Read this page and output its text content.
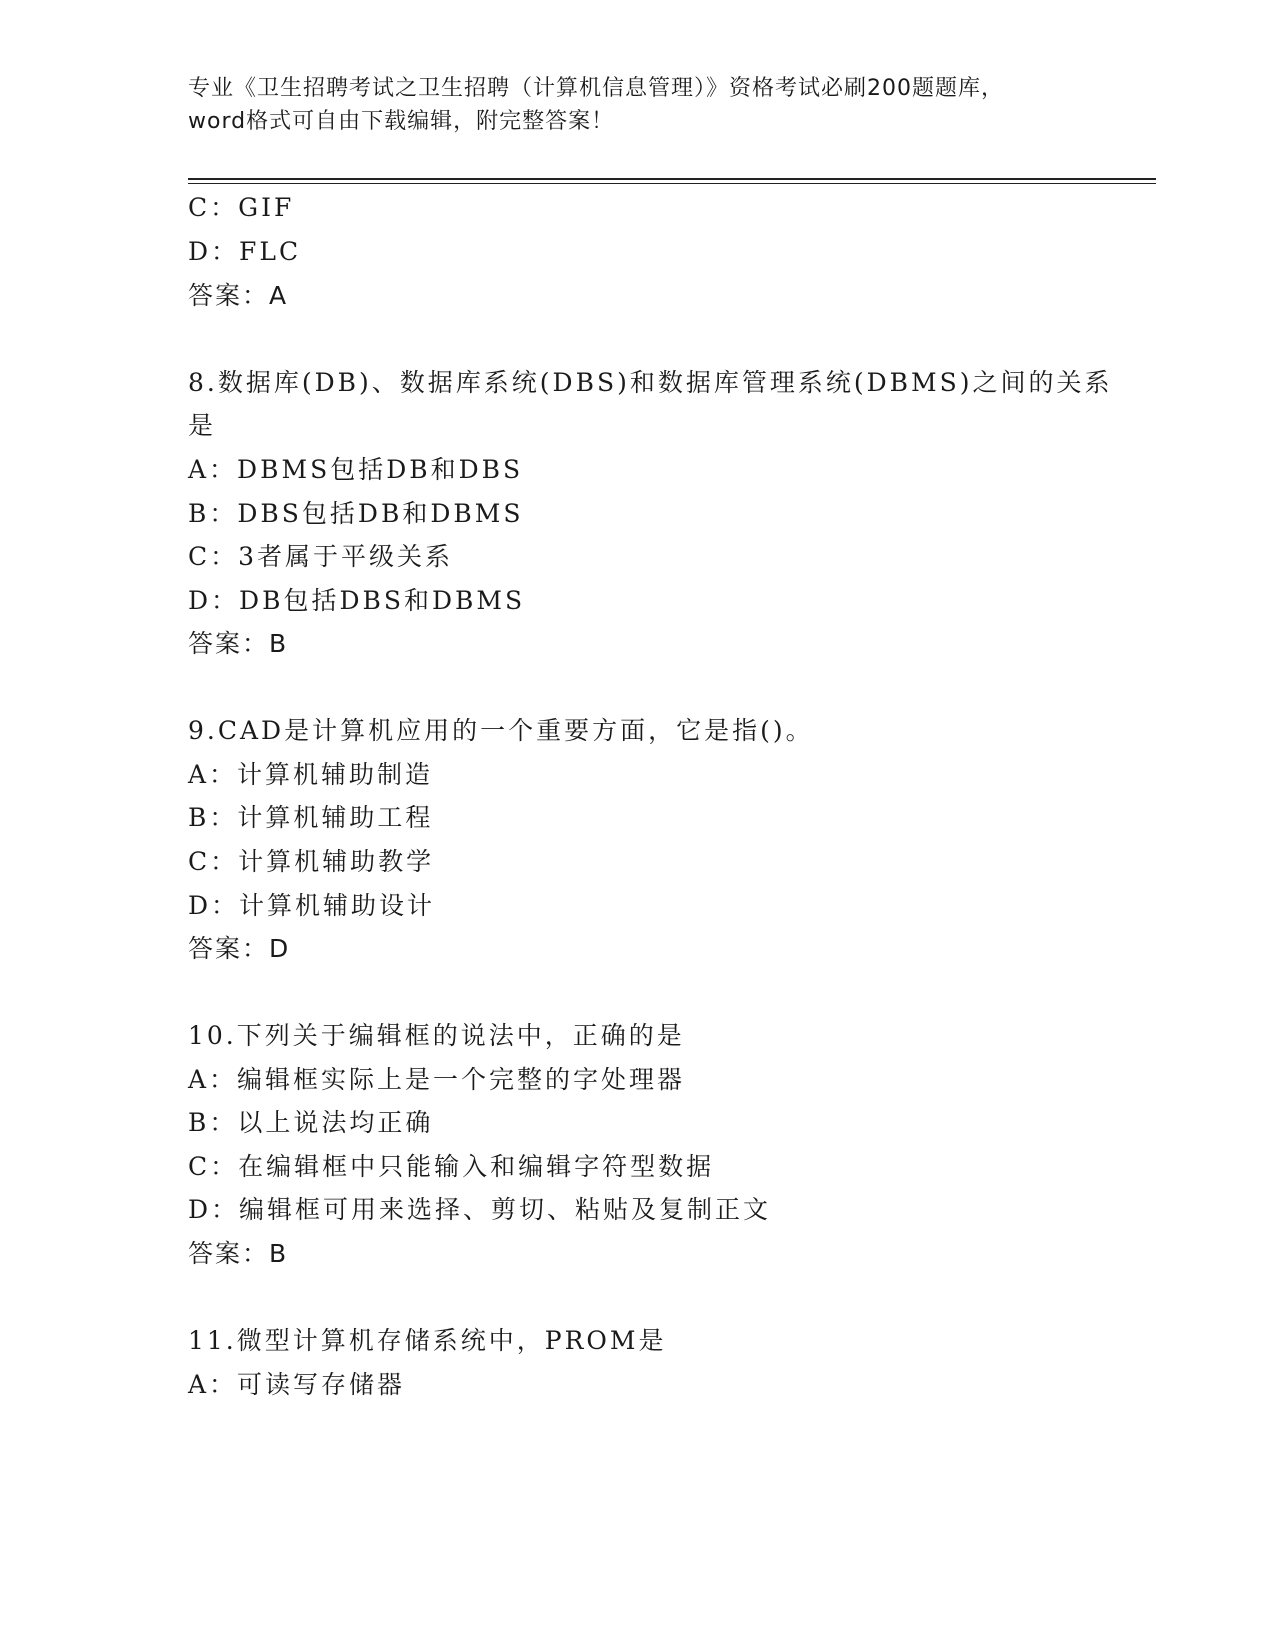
专业《卫生招聘考试之卫生招聘（计算机信息管理）》资格考试必刷200题题库，
word格式可自由下载编辑，附完整答案！
C：GIF
D：FLC
答案：A
8.数据库(DB)、数据库系统(DBS)和数据库管理系统(DBMS)之间的关系
是
A：DBMS包括DB和DBS
B：DBS包括DB和DBMS
C：3者属于平级关系
D：DB包括DBS和DBMS
答案：B
9.CAD是计算机应用的一个重要方面，它是指()。
A：计算机辅助制造
B：计算机辅助工程
C：计算机辅助教学
D：计算机辅助设计
答案：D
10.下列关于编辑框的说法中，正确的是
A：编辑框实际上是一个完整的字处理器
B：以上说法均正确
C：在编辑框中只能输入和编辑字符型数据
D：编辑框可用来选择、剪切、粘贴及复制正文
答案：B
11.微型计算机存储系统中，PROM是
A：可读写存储器
